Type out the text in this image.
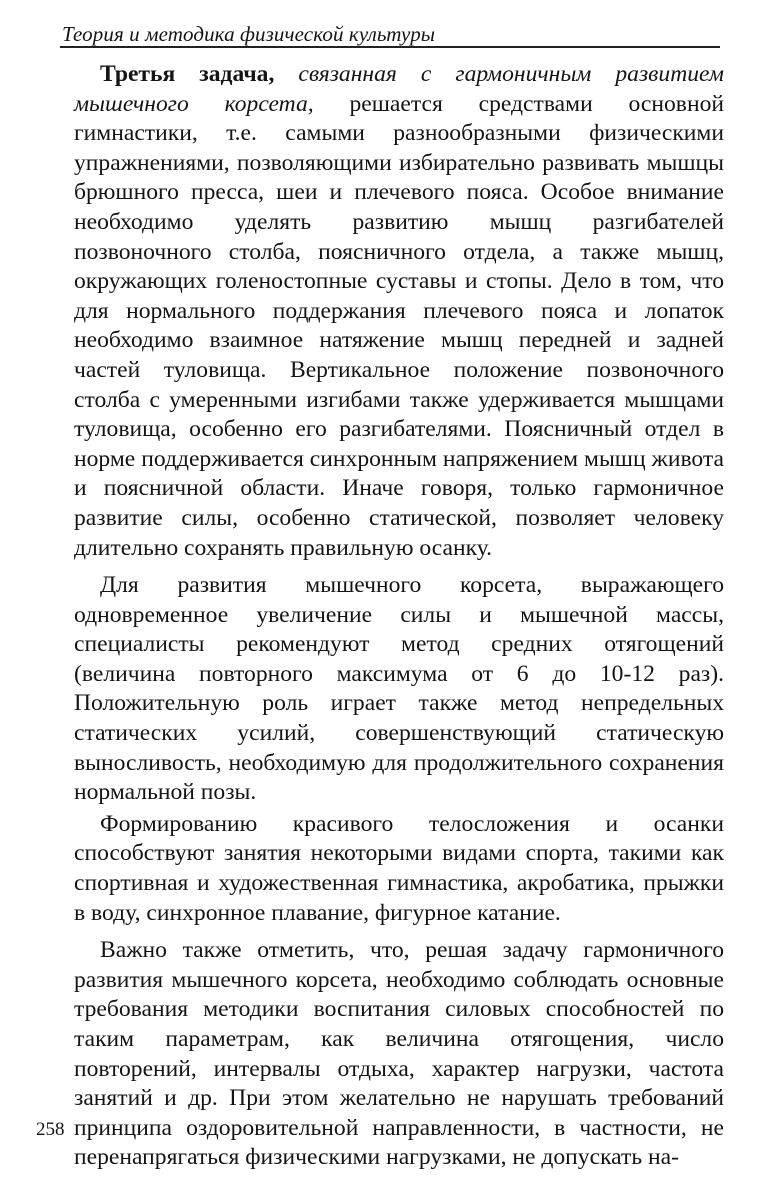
Теория и методика физической культуры

Третья задача, связанная с гармоничным развитием мышечного корсета, решается средствами основной гимнастики, т.е. самыми разнообразными физическими упражнениями, позволяющими избирательно развивать мышцы брюшного пресса, шеи и плечевого пояса. Особое внимание необходимо уделять развитию мышц разгибателей позвоночного столба, поясничного отдела, а также мышц, окружающих голеностопные суставы и стопы. Дело в том, что для нормального поддержания плечевого пояса и лопаток необходимо взаимное натяжение мышц передней и задней частей туловища. Вертикальное положение позвоночного столба с умеренными изгибами также удерживается мышцами туловища, особенно его разгибателями. Поясничный отдел в норме поддерживается синхронным напряжением мышц живота и поясничной области. Иначе говоря, только гармоничное развитие силы, особенно статической, позволяет человеку длительно сохранять правильную осанку.

Для развития мышечного корсета, выражающего одновременное увеличение силы и мышечной массы, специалисты рекомендуют метод средних отягощений (величина повторного максимума от 6 до 10-12 раз). Положительную роль играет также метод непредельных статических усилий, совершенствующий статическую выносливость, необходимую для продолжительного сохранения нормальной позы.

Формированию красивого телосложения и осанки способствуют занятия некоторыми видами спорта, такими как спортивная и художественная гимнастика, акробатика, прыжки в воду, синхронное плавание, фигурное катание.

Важно также отметить, что, решая задачу гармоничного развития мышечного корсета, необходимо соблюдать основные требования методики воспитания силовых способностей по таким параметрам, как величина отягощения, число повторений, интервалы отдыха, характер нагрузки, частота занятий и др. При этом желательно не нарушать требований принципа оздоровительной направленности, в частности, не перенапрягаться физическими нагрузками, не допускать на-

258
